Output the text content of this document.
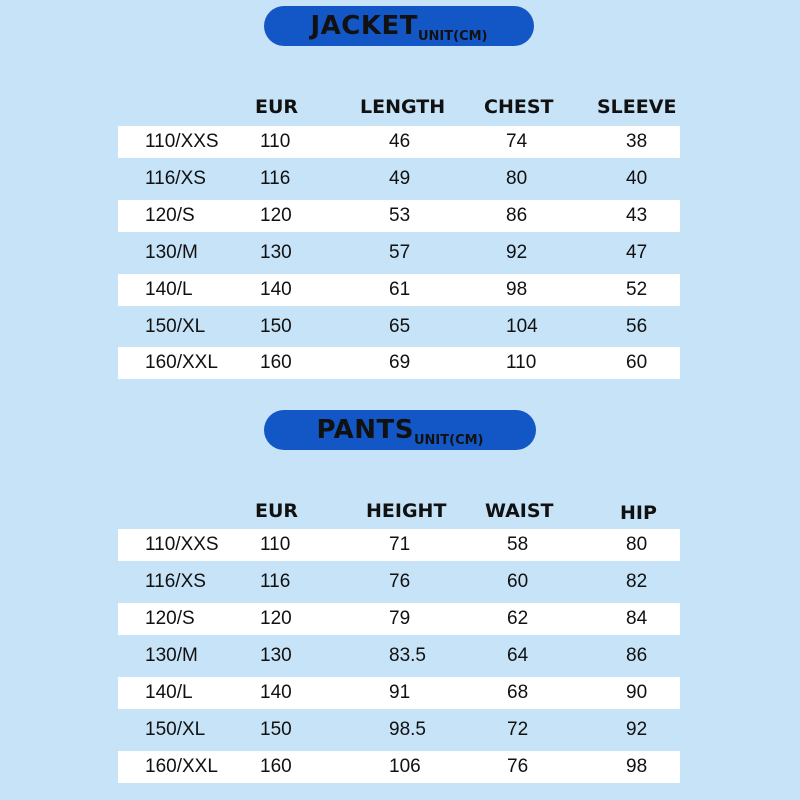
$JACKET_{UNIT(CM)}$
EUR	LENGTH CHEST SLEEVE
110/XXS 110	46	74	38
116/XS	116	49	80	40
120/S	120	53	86	43
130/M	130	57	92	47
140/L	140	61	98	52
150/XL	150	65	104	56
160/XXL 160	69	110	60
$PANTS_{UNIT(CM)}$
EUR	HEIGHT WAIST	HIP
110/XXS 110	71	58	80
116/XS	116	76	60	82
120/S	120	79	62	84
130/M	130	83.5	64	86
140/L	140	91	68	90
150/XL	150	98.5	72	92
160/XXL 160	106	76	98
